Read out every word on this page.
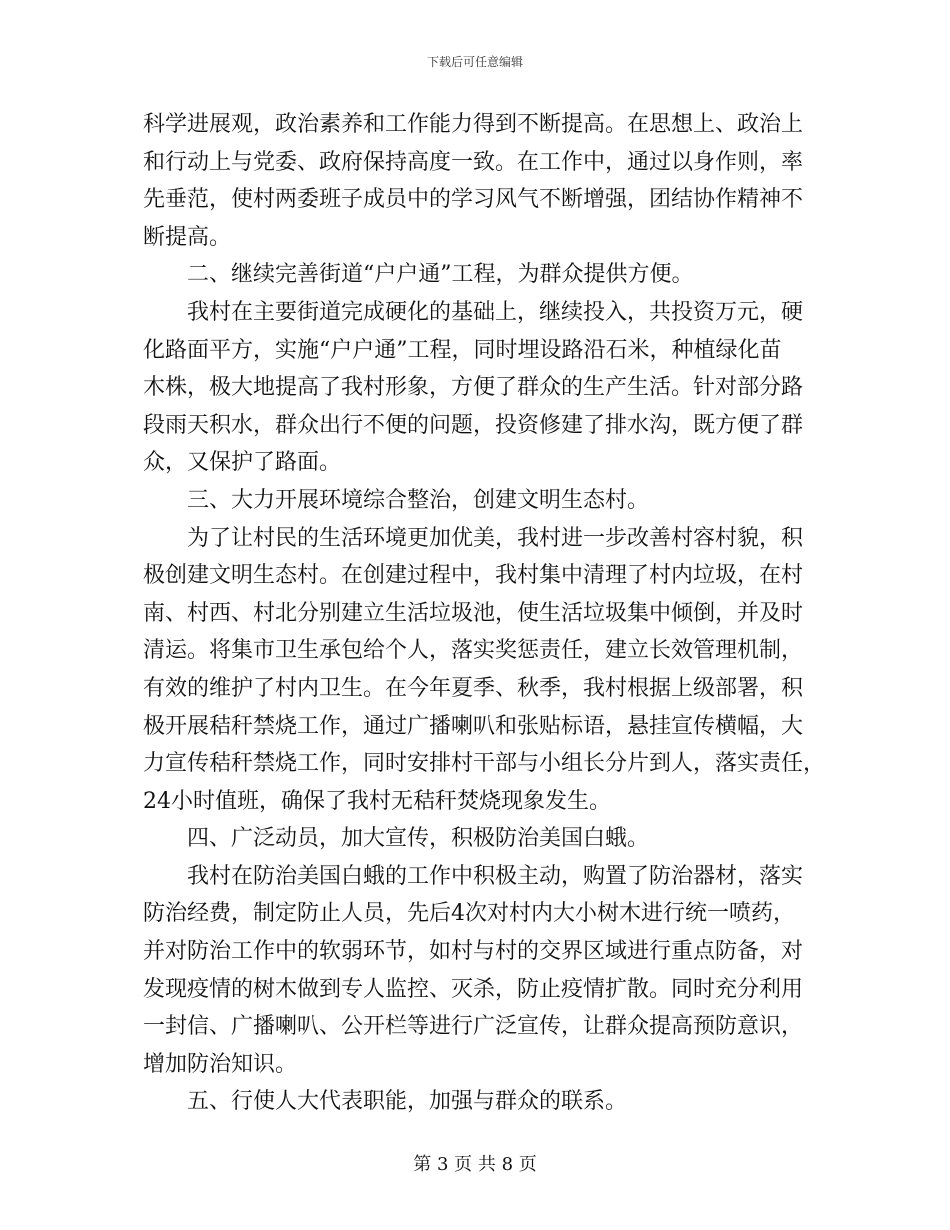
下载后可任意编辑
科学进展观，政治素养和工作能力得到不断提高。在思想上、政治上
和行动上与党委、政府保持高度一致。在工作中，通过以身作则，率
先垂范，使村两委班子成员中的学习风气不断增强，团结协作精神不
断提高。
二、继续完善街道“户户通”工程，为群众提供方便。
我村在主要街道完成硬化的基础上，继续投入，共投资万元，硬
化路面平方，实施“户户通”工程，同时埋设路沿石米，种植绿化苗
木株，极大地提高了我村形象，方便了群众的生产生活。针对部分路
段雨天积水，群众出行不便的问题，投资修建了排水沟，既方便了群
众，又保护了路面。
三、大力开展环境综合整治，创建文明生态村。
为了让村民的生活环境更加优美，我村进一步改善村容村貌，积
极创建文明生态村。在创建过程中，我村集中清理了村内垃圾，在村
南、村西、村北分别建立生活垃圾池，使生活垃圾集中倾倒，并及时
清运。将集市卫生承包给个人，落实奖惩责任，建立长效管理机制，
有效的维护了村内卫生。在今年夏季、秋季，我村根据上级部署，积
极开展秸秆禁烧工作，通过广播喇叭和张贴标语，悬挂宣传横幅，大
力宣传秸秆禁烧工作，同时安排村干部与小组长分片到人，落实责任，
24小时值班，确保了我村无秸秆焚烧现象发生。
四、广泛动员，加大宣传，积极防治美国白蛾。
我村在防治美国白蛾的工作中积极主动，购置了防治器材，落实
防治经费，制定防止人员，先后4次对村内大小树木进行统一喷药，
并对防治工作中的软弱环节，如村与村的交界区域进行重点防备，对
发现疫情的树木做到专人监控、灭杀，防止疫情扩散。同时充分利用
一封信、广播喇叭、公开栏等进行广泛宣传，让群众提高预防意识，
增加防治知识。
五、行使人大代表职能，加强与群众的联系。
第 3 页 共 8 页
